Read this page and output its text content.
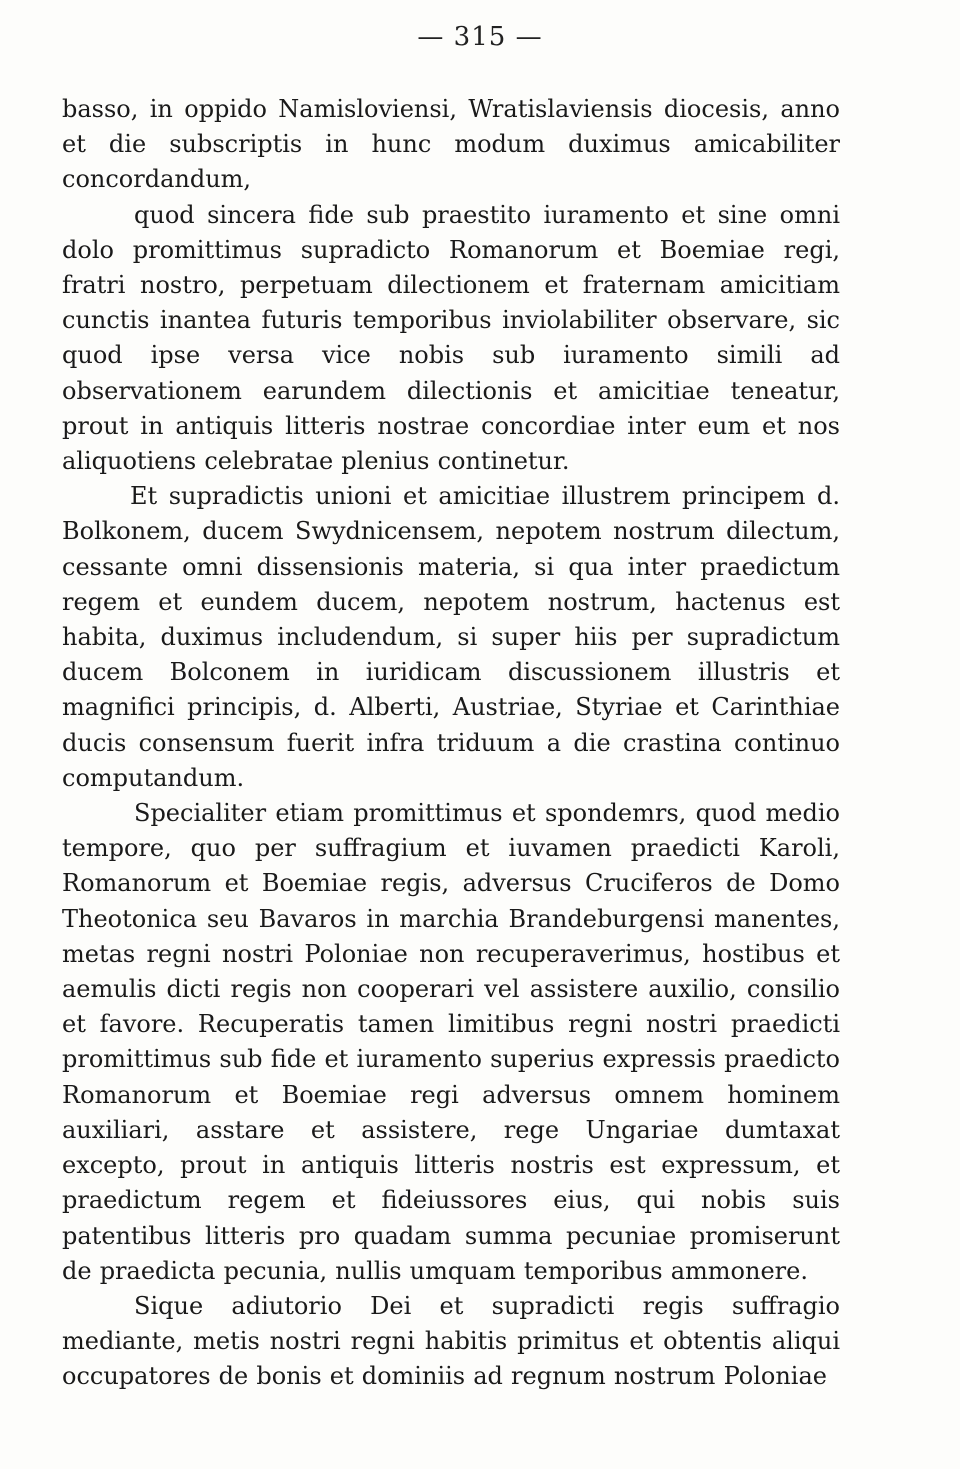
— 315 —

basso, in oppido Namisloviensi, Wratislaviensis diocesis, anno et die subscriptis in hunc modum duximus amicabiliter concordandum,

quod sincera fide sub praestito iuramento et sine omni dolo promittimus supradicto Romanorum et Boemiae regi, fratri nostro, perpetuam dilectionem et fraternam amicitiam cunctis inantea futuris temporibus inviolabiliter observare, sic quod ipse versa vice nobis sub iuramento simili ad observationem earundem dilectionis et amicitiae teneatur, prout in antiquis litteris nostrae concordiae inter eum et nos aliquotiens celebratae plenius continetur.

Et supradictis unioni et amicitiae illustrem principem d. Bolkonem, ducem Swydnicensem, nepotem nostrum dilectum, cessante omni dissensionis materia, si qua inter praedictum regem et eundem ducem, nepotem nostrum, hactenus est habita, duximus includendum, si super hiis per supradictum ducem Bolconem in iuridicam discussionem illustris et magnifici principis, d. Alberti, Austriae, Styriae et Carinthiae ducis consensum fuerit infra triduum a die crastina continuo computandum.

Specialiter etiam promittimus et spondemrs, quod medio tempore, quo per suffragium et iuvamen praedicti Karoli, Romanorum et Boemiae regis, adversus Cruciferos de Domo Theotonica seu Bavaros in marchia Brandeburgensi manentes, metas regni nostri Poloniae non recuperaverimus, hostibus et aemulis dicti regis non cooperari vel assistere auxilio, consilio et favore. Recuperatis tamen limitibus regni nostri praedicti promittimus sub fide et iuramento superius expressis praedicto Romanorum et Boemiae regi adversus omnem hominem auxiliari, asstare et assistere, rege Ungariae dumtaxat excepto, prout in antiquis litteris nostris est expressum, et praedictum regem et fideiussores eius, qui nobis suis patentibus litteris pro quadam summa pecuniae promiserunt de praedicta pecunia, nullis umquam temporibus ammonere.

Sique adiutorio Dei et supradicti regis suffragio mediante, metis nostri regni habitis primitus et obtentis aliqui occupatores de bonis et dominiis ad regnum nostrum Poloniae
